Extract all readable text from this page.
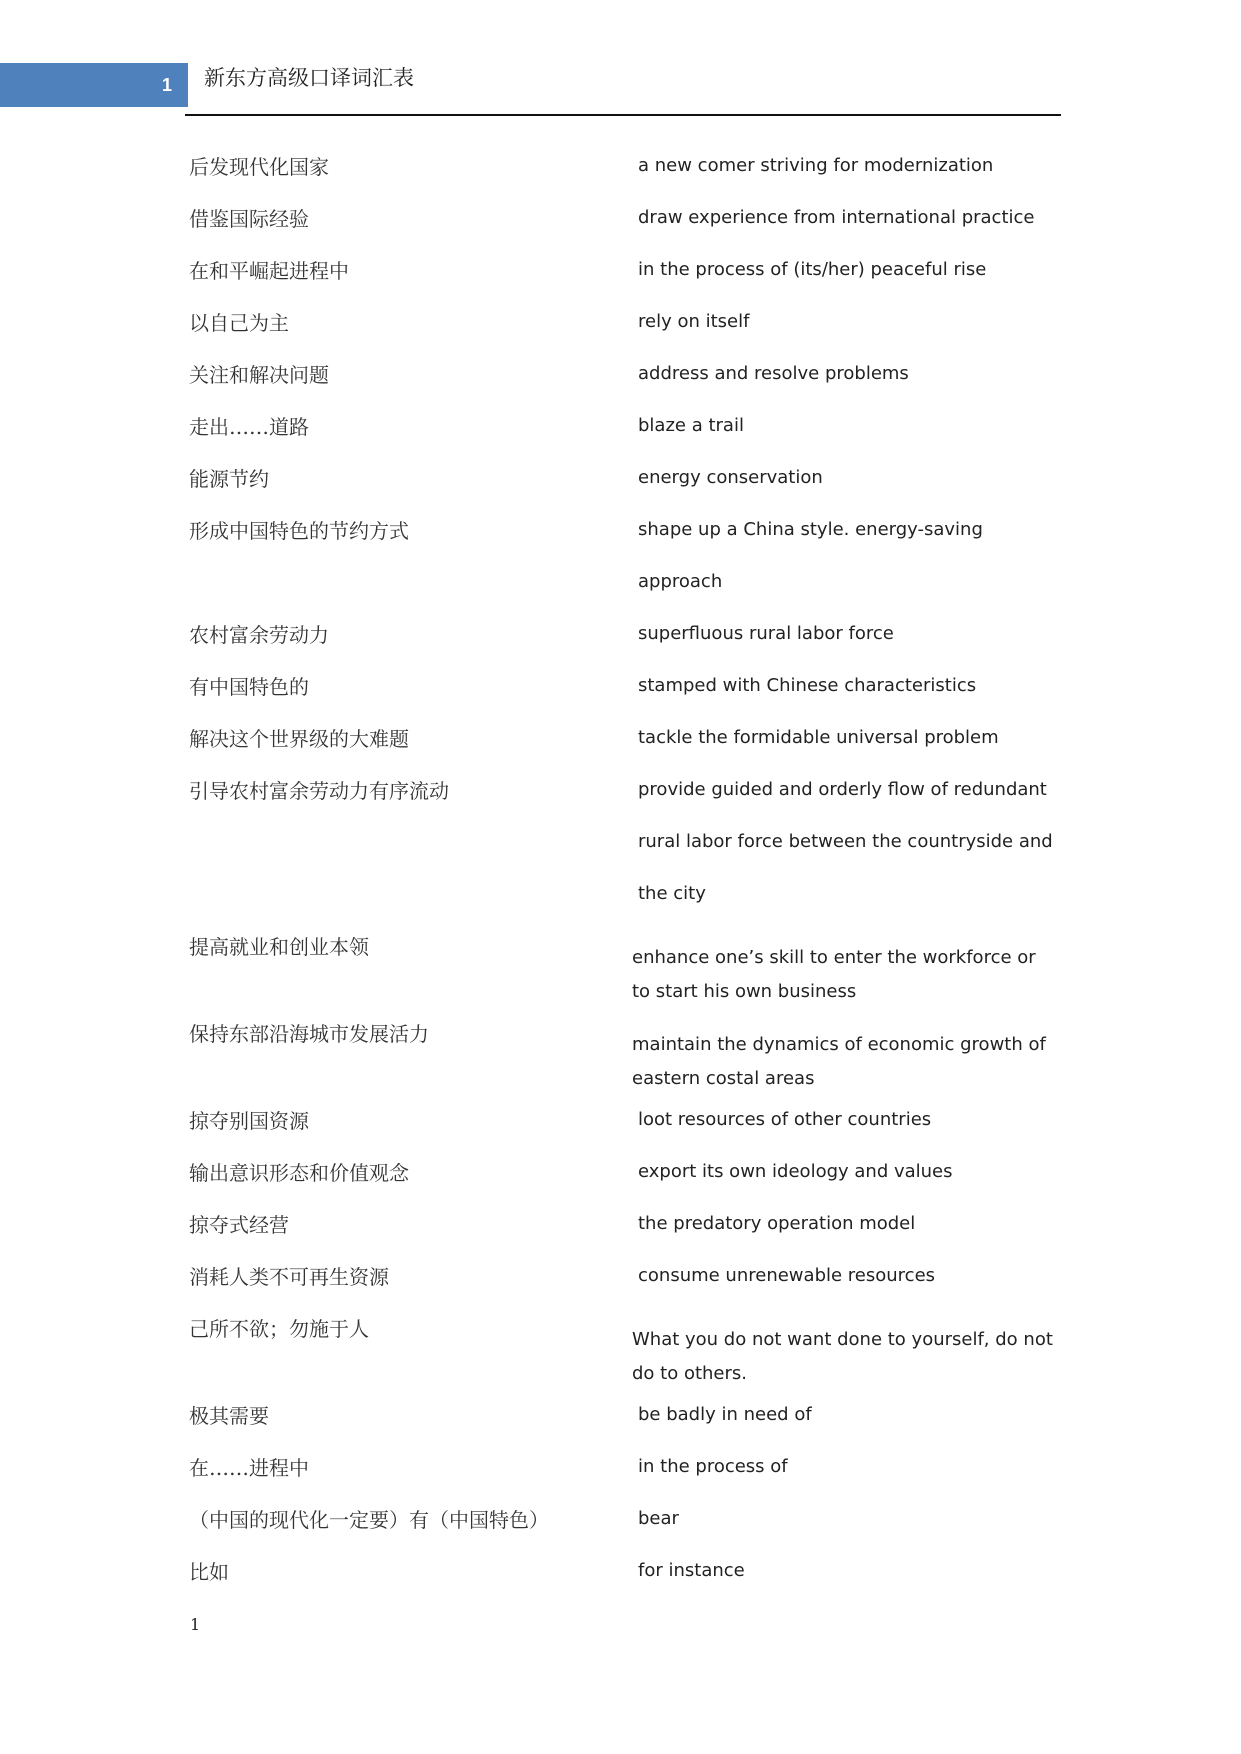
1 新东方高级口译词汇表
后发现代化国家	a new comer striving for modernization
借鉴国际经验	draw experience from international practice
在和平崛起进程中	in the process of (its/her) peaceful rise
以自己为主	rely on itself
关注和解决问题	address and resolve problems
走出……道路	blaze a trail
能源节约	energy conservation
形成中国特色的节约方式	shape up a China style. energy-saving approach
农村富余劳动力	superfluous rural labor force
有中国特色的	stamped with Chinese characteristics
解决这个世界级的大难题	tackle the formidable universal problem
引导农村富余劳动力有序流动	provide guided and orderly flow of redundant rural labor force between the countryside and the city
提高就业和创业本领	enhance one’s skill to enter the workforce or to start his own business
保持东部沿海城市发展活力	maintain the dynamics of economic growth of eastern costal areas
掠夺别国资源	loot resources of other countries
输出意识形态和价值观念	export its own ideology and values
掠夺式经营	the predatory operation model
消耗人类不可再生资源	consume unrenewable resources
己所不欲；勿施于人	What you do not want done to yourself, do not do to others.
极其需要	be badly in need of
在……进程中	in the process of
（中国的现代化一定要）有（中国特色）	bear
比如	for instance
1
